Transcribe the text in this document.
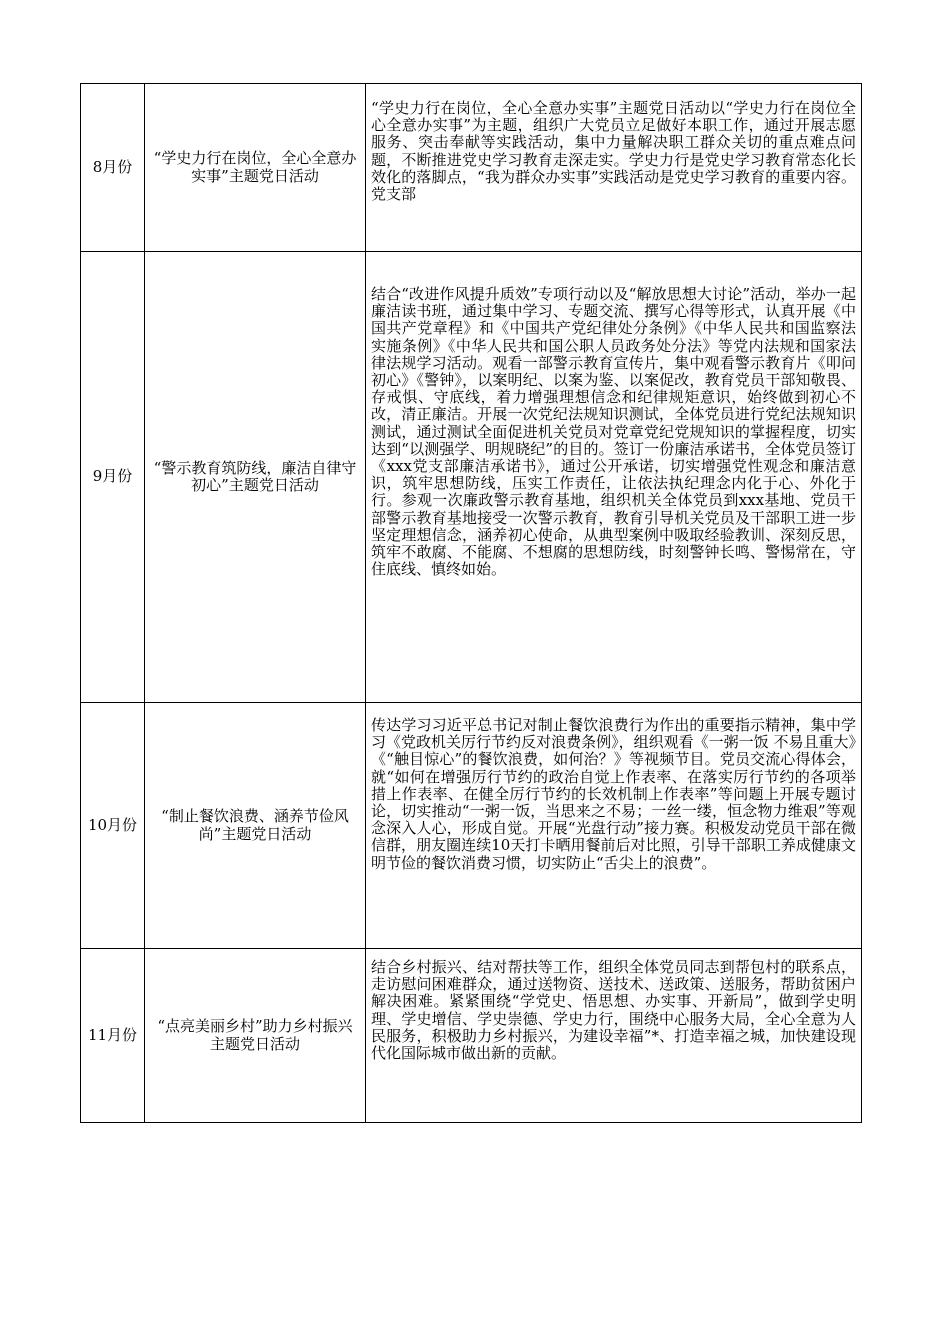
8月份	“学史力行在岗位，全心全意办实事”主题党日活动	“学史力行在岗位，全心全意办实事”主题党日活动以“学史力行在岗位全心全意办实事”为主题，组织广大党员立足做好本职工作，通过开展志愿服务、突击奉献等实践活动，集中力量解决职工群众关切的重点难点问题，不断推进党史学习教育走深走实。学史力行是党史学习教育常态化长效化的落脚点，“我为群众办实事”实践活动是党史学习教育的重要内容。党支部

9月份	“警示教育筑防线，廉洁自律守初心”主题党日活动	结合“改进作风提升质效”专项行动以及“解放思想大讨论”活动，举办一起廉洁读书班，通过集中学习、专题交流、撰写心得等形式，认真开展《中国共产党章程》和《中国共产党纪律处分条例》《中华人民共和国监察法实施条例》《中华人民共和国公职人员政务处分法》等党内法规和国家法律法规学习活动。观看一部警示教育宣传片，集中观看警示教育片《叩问初心》《警钟》，以案明纪、以案为鉴、以案促改，教育党员干部知敬畏、存戒惧、守底线，着力增强理想信念和纪律规矩意识，始终做到初心不改，清正廉洁。开展一次党纪法规知识测试，全体党员进行党纪法规知识测试，通过测试全面促进机关党员对党章党纪党规知识的掌握程度，切实达到“以测强学、明规晓纪”的目的。签订一份廉洁承诺书，全体党员签订《xxx党支部廉洁承诺书》，通过公开承诺，切实增强党性观念和廉洁意识，筑牢思想防线，压实工作责任，让依法执纪理念内化于心、外化于行。参观一次廉政警示教育基地，组织机关全体党员到xxx基地、党员干部警示教育基地接受一次警示教育，教育引导机关党员及干部职工进一步坚定理想信念，涵养初心使命，从典型案例中吸取经验教训、深刻反思，筑牢不敢腐、不能腐、不想腐的思想防线，时刻警钟长鸣、警惕常在，守住底线、慎终如始。

10月份	“制止餐饮浪费、涵养节俭风尚”主题党日活动	传达学习习近平总书记对制止餐饮浪费行为作出的重要指示精神，集中学习《党政机关厉行节约反对浪费条例》，组织观看《一粥一饭 不易且重大》《“触目惊心”的餐饮浪费，如何治？》等视频节目。党员交流心得体会，就“如何在增强厉行节约的政治自觉上作表率、在落实厉行节约的各项举措上作表率、在健全厉行节约的长效机制上作表率”等问题上开展专题讨论，切实推动“一粥一饭，当思来之不易；一丝一缕，恒念物力维艰”等观念深入人心，形成自觉。开展“光盘行动”接力赛。积极发动党员干部在微信群，朋友圈连续10天打卡晒用餐前后对比照，引导干部职工养成健康文明节俭的餐饮消费习惯，切实防止“舌尖上的浪费”。

11月份	“点亮美丽乡村”助力乡村振兴主题党日活动	结合乡村振兴、结对帮扶等工作，组织全体党员同志到帮包村的联系点，走访慰问困难群众，通过送物资、送技术、送政策、送服务，帮助贫困户解决困难。紧紧围绕“学党史、悟思想、办实事、开新局”，做到学史明理、学史增信、学史崇德、学史力行，围绕中心服务大局，全心全意为人民服务，积极助力乡村振兴，为建设幸福”*、打造幸福之城，加快建设现代化国际城市做出新的贡献。
